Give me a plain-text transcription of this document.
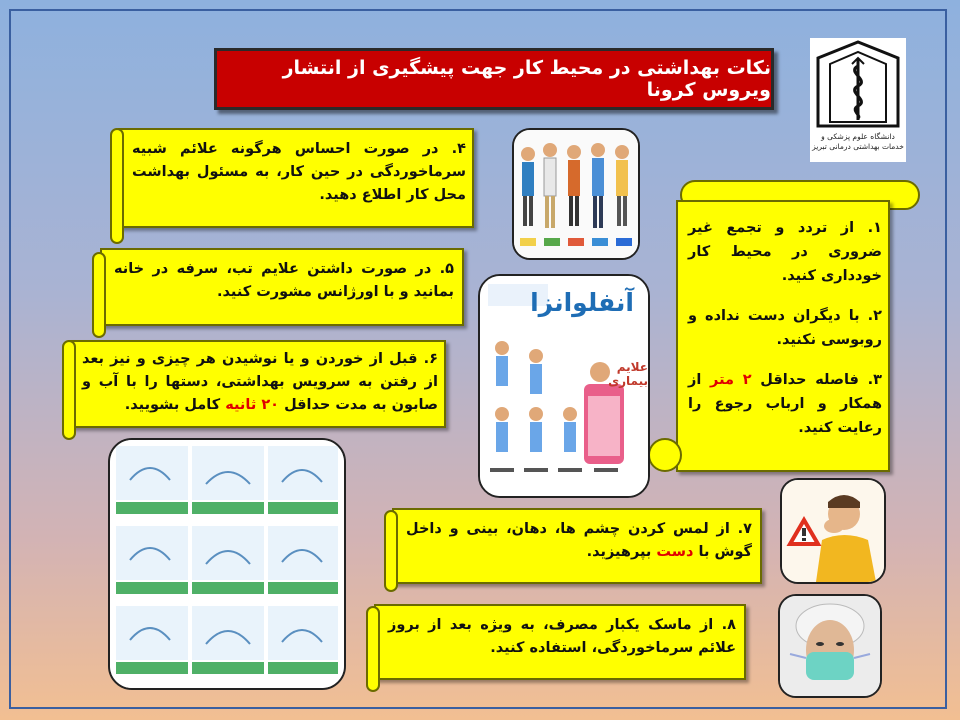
نکات بهداشتی در محیط کار جهت پیشگیری از انتشار ویروس کرونا
دانشگاه علوم پزشکی و
خدمات بهداشتی درمانی تبریز
۴. در صورت احساس هرگونه علائم شبیه سرماخوردگی در حین کار، به مسئول بهداشت محل کار اطلاع دهید.
۵. در صورت داشتن علایم تب، سرفه در خانه بمانید و با اورژانس مشورت کنید.
۶. قبل از خوردن و یا نوشیدن هر چیزی و نیز بعد از رفتن به سرویس بهداشتی، دستها را با آب و صابون به مدت حداقل ۲۰ ثانیه کامل بشویید.
۱. از تردد و تجمع غیر ضروری در محیط کار خودداری کنید.
۲. با دیگران دست نداده و روبوسی نکنید.
۳. فاصله حداقل ۲ متر از همکار و ارباب رجوع را رعایت کنید.
۷. از لمس کردن چشم ها، دهان، بینی و داخل گوش با دست بپرهیزید.
۸. از ماسک یکبار مصرف، به ویژه بعد از بروز علائم سرماخوردگی، استفاده کنید.
آنفلوانزا
علایم بیماری
